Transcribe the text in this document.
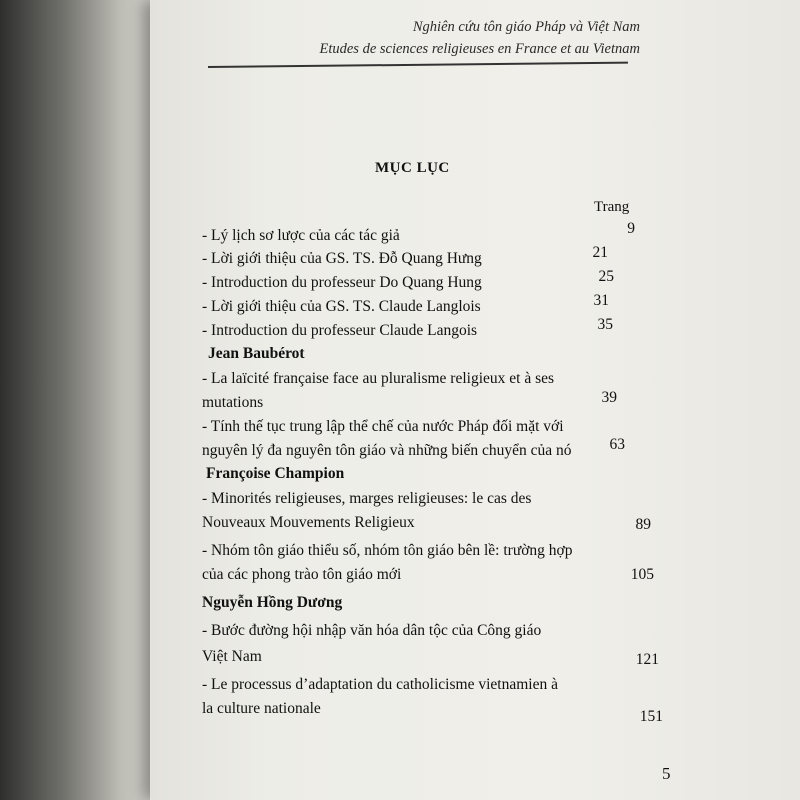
Nghiên cứu tôn giáo Pháp và Việt Nam
Etudes de sciences religieuses en France et au Vietnam
MỤC LỤC
Trang
- Lý lịch sơ lược của các tác giả	9
- Lời giới thiệu của GS. TS. Đỗ Quang Hưng	21
- Introduction du professeur Do Quang Hung	25
- Lời giới thiệu của GS. TS. Claude Langlois	31
- Introduction du professeur Claude Langois	35
Jean Baubérot
- La laïcité française face au pluralisme religieux et à ses
mutations	39
- Tính thế tục trung lập thể chế của nước Pháp đối mặt với
nguyên lý đa nguyên tôn giáo và những biến chuyển của nó	63
Françoise Champion
- Minorités religieuses, marges religieuses: le cas des
Nouveaux Mouvements Religieux	89
- Nhóm tôn giáo thiểu số, nhóm tôn giáo bên lề: trường hợp
của các phong trào tôn giáo mới	105
Nguyễn Hồng Dương
- Bước đường hội nhập văn hóa dân tộc của Công giáo
Việt Nam	121
- Le processus d’adaptation du catholicisme vietnamien à
la culture nationale	151
5
